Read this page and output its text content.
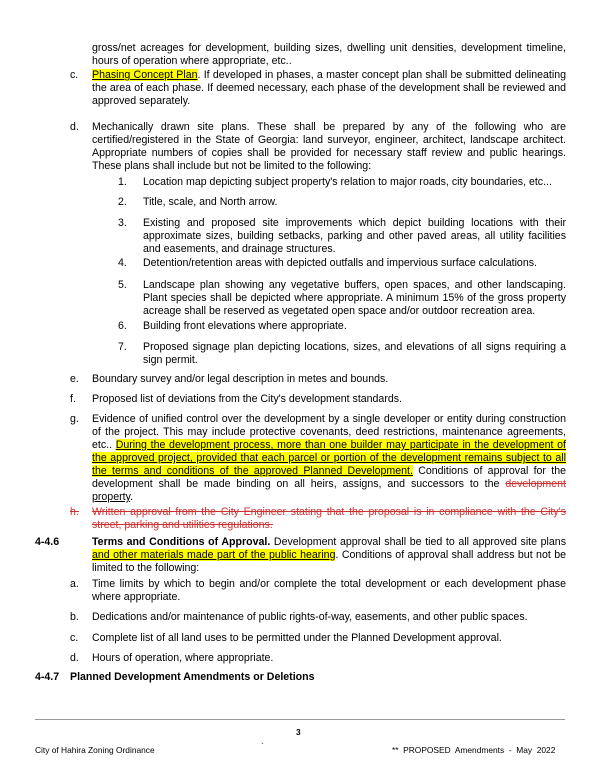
gross/net acreages for development, building sizes, dwelling unit densities, development timeline, hours of operation where appropriate, etc..

c. Phasing Concept Plan. If developed in phases, a master concept plan shall be submitted delineating the area of each phase. If deemed necessary, each phase of the development shall be reviewed and approved separately.

d. Mechanically drawn site plans. These shall be prepared by any of the following who are certified/registered in the State of Georgia: land surveyor, engineer, architect, landscape architect. Appropriate numbers of copies shall be provided for necessary staff review and public hearings. These plans shall include but not be limited to the following:

1. Location map depicting subject property's relation to major roads, city boundaries, etc...

2. Title, scale, and North arrow.

3. Existing and proposed site improvements which depict building locations with their approximate sizes, building setbacks, parking and other paved areas, all utility facilities and easements, and drainage structures.

4. Detention/retention areas with depicted outfalls and impervious surface calculations.

5. Landscape plan showing any vegetative buffers, open spaces, and other landscaping. Plant species shall be depicted where appropriate. A minimum 15% of the gross property acreage shall be reserved as vegetated open space and/or outdoor recreation area.

6. Building front elevations where appropriate.

7. Proposed signage plan depicting locations, sizes, and elevations of all signs requiring a sign permit.

e. Boundary survey and/or legal description in metes and bounds.

f. Proposed list of deviations from the City's development standards.

g. Evidence of unified control over the development by a single developer or entity during construction of the project. This may include protective covenants, deed restrictions, maintenance agreements, etc.. During the development process, more than one builder may participate in the development of the approved project, provided that each parcel or portion of the development remains subject to all the terms and conditions of the approved Planned Development. Conditions of approval for the development shall be made binding on all heirs, assigns, and successors to the development property.

h. Written approval from the City Engineer stating that the proposal is in compliance with the City's street, parking and utilities regulations.

4-4.6	Terms and Conditions of Approval. Development approval shall be tied to all approved site plans and other materials made part of the public hearing. Conditions of approval shall address but not be limited to the following:

a. Time limits by which to begin and/or complete the total development or each development phase where appropriate.

b. Dedications and/or maintenance of public rights-of-way, easements, and other public spaces.

c. Complete list of all land uses to be permitted under the Planned Development approval.

d. Hours of operation, where appropriate.

4-4.7 Planned Development Amendments or Deletions
3
City of Hahira Zoning Ordinance	`	**  PROPOSED  Amendments  -  May  2022
